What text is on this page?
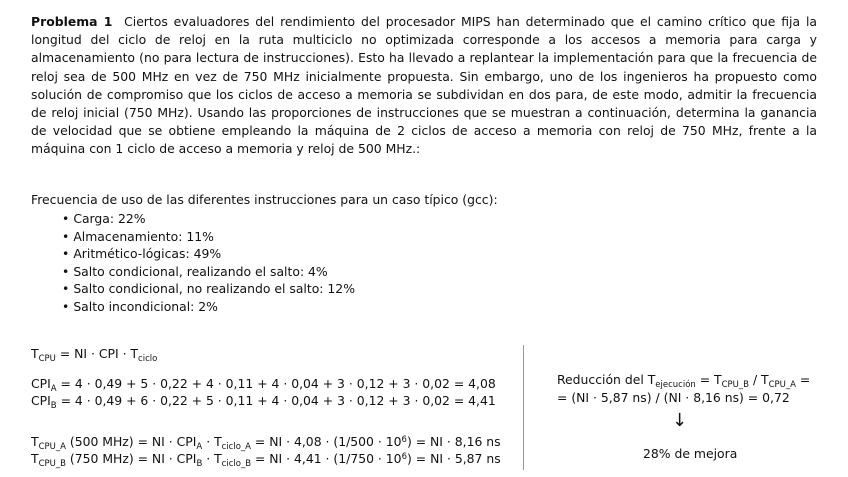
Problema 1 Ciertos evaluadores del rendimiento del procesador MIPS han determinado que el camino crítico que fija la longitud del ciclo de reloj en la ruta multiciclo no optimizada corresponde a los accesos a memoria para carga y almacenamiento (no para lectura de instrucciones). Esto ha llevado a replantear la implementación para que la frecuencia de reloj sea de 500 MHz en vez de 750 MHz inicialmente propuesta. Sin embargo, uno de los ingenieros ha propuesto como solución de compromiso que los ciclos de acceso a memoria se subdividan en dos para, de este modo, admitir la frecuencia de reloj inicial (750 MHz). Usando las proporciones de instrucciones que se muestran a continuación, determina la ganancia de velocidad que se obtiene empleando la máquina de 2 ciclos de acceso a memoria con reloj de 750 MHz, frente a la máquina con 1 ciclo de acceso a memoria y reloj de 500 MHz.:
Frecuencia de uso de las diferentes instrucciones para un caso típico (gcc):
• Carga: 22%
• Almacenamiento: 11%
• Aritmético-lógicas: 49%
• Salto condicional, realizando el salto: 4%
• Salto condicional, no realizando el salto: 12%
• Salto incondicional: 2%
$T_{CPU}$ = NI · CPI · $T_{ciclo}$
$CPI_A = 4 \cdot 0,49 + 5 \cdot 0,22 + 4 \cdot 0,11 + 4 \cdot 0,04 + 3 \cdot 0,12 + 3 \cdot 0,02 = 4,08$
$CPI_B = 4 \cdot 0,49 + 6 \cdot 0,22 + 5 \cdot 0,11 + 4 \cdot 0,04 + 3 \cdot 0,12 + 3 \cdot 0,02 = 4,41$
$T_{CPU\_A}$ (500 MHz) = NI · $CPI_A \cdot T_{ciclo\_A}$ = NI · $4,08 \cdot (1/500 \cdot 10^6)$ = NI · 8,16 ns
$T_{CPU\_B}$ (750 MHz) = NI · $CPI_B \cdot T_{ciclo\_B}$ = NI · $4,41 \cdot (1/750 \cdot 10^6)$ = NI · 5,87 ns
Reducción del $T_{ejecución} = T_{CPU\_B} / T_{CPU\_A}$ =
= (NI · 5,87 ns) / (NI · 8,16 ns) = 0,72
↓
28% de mejora
